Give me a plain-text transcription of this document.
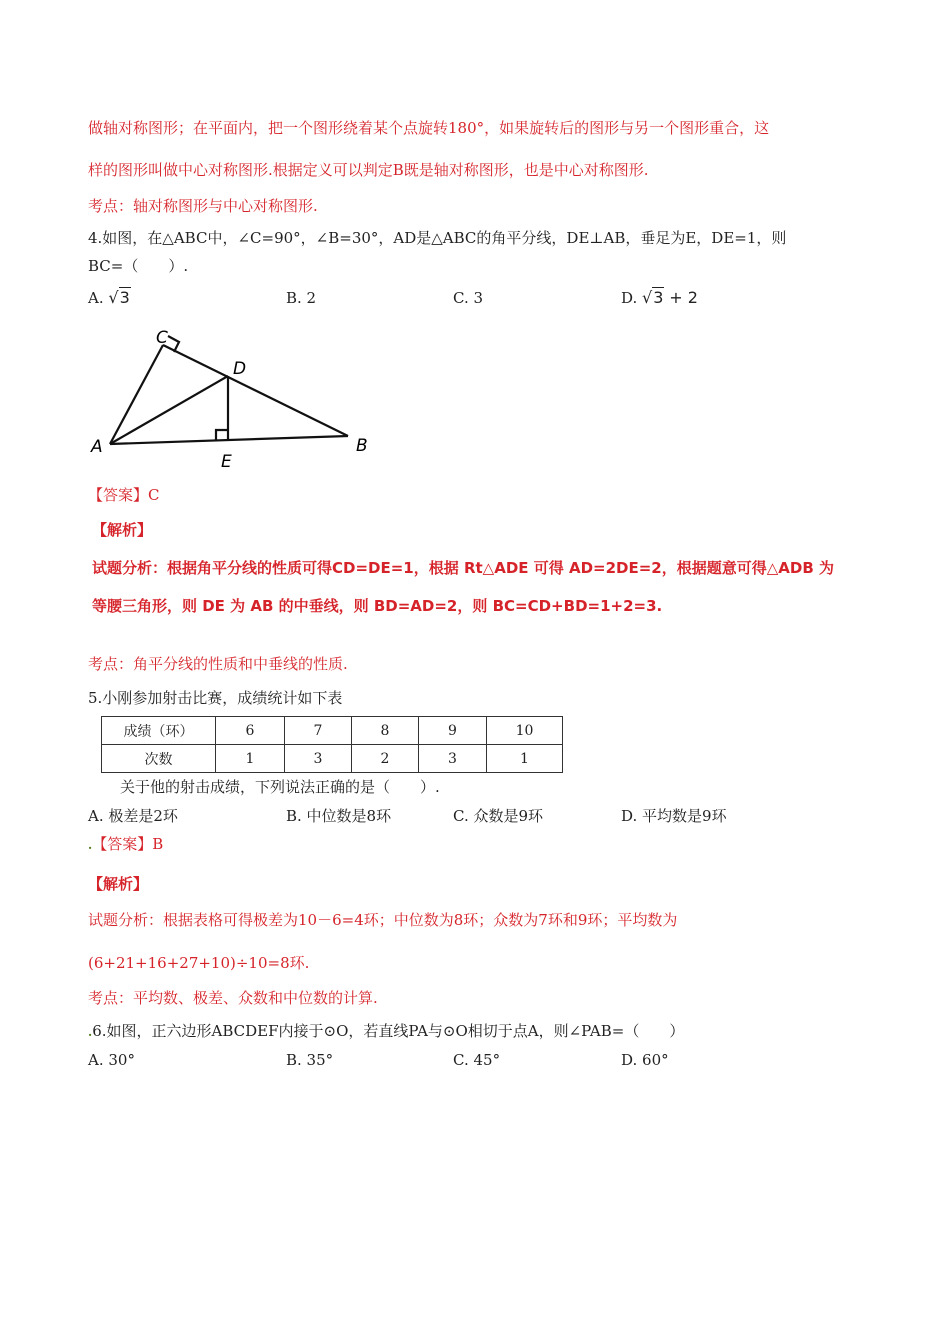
做轴对称图形；在平面内，把一个图形绕着某个点旋转180°，如果旋转后的图形与另一个图形重合，这
样的图形叫做中心对称图形.根据定义可以判定B既是轴对称图形，也是中心对称图形.
考点：轴对称图形与中心对称图形.
4.如图，在△ABC中，∠C=90°，∠B=30°，AD是△ABC的角平分线，DE⊥AB，垂足为E，DE=1，则
BC=（　　）.
A. √3	B. 2	C. 3	D. √3 + 2
C
D
A
E
B
【答案】C
【解析】
试题分析：根据角平分线的性质可得CD=DE=1，根据 Rt△ADE 可得 AD=2DE=2，根据题意可得△ADB 为
等腰三角形，则 DE 为 AB 的中垂线，则 BD=AD=2，则 BC=CD+BD=1+2=3.
考点：角平分线的性质和中垂线的性质.
5.小刚参加射击比赛，成绩统计如下表
成绩（环）	6	7	8	9	10
次数	1	3	2	3	1
关于他的射击成绩，下列说法正确的是（　　）.
A. 极差是2环	B. 中位数是8环	C. 众数是9环	D. 平均数是9环
.【答案】B
【解析】
试题分析：根据表格可得极差为10－6=4环；中位数为8环；众数为7环和9环；平均数为
(6+21+16+27+10)÷10=8环.
考点：平均数、极差、众数和中位数的计算.
.6.如图，正六边形ABCDEF内接于⊙O，若直线PA与⊙O相切于点A，则∠PAB=（　　）
A. 30°	B. 35°	C. 45°	D. 60°
